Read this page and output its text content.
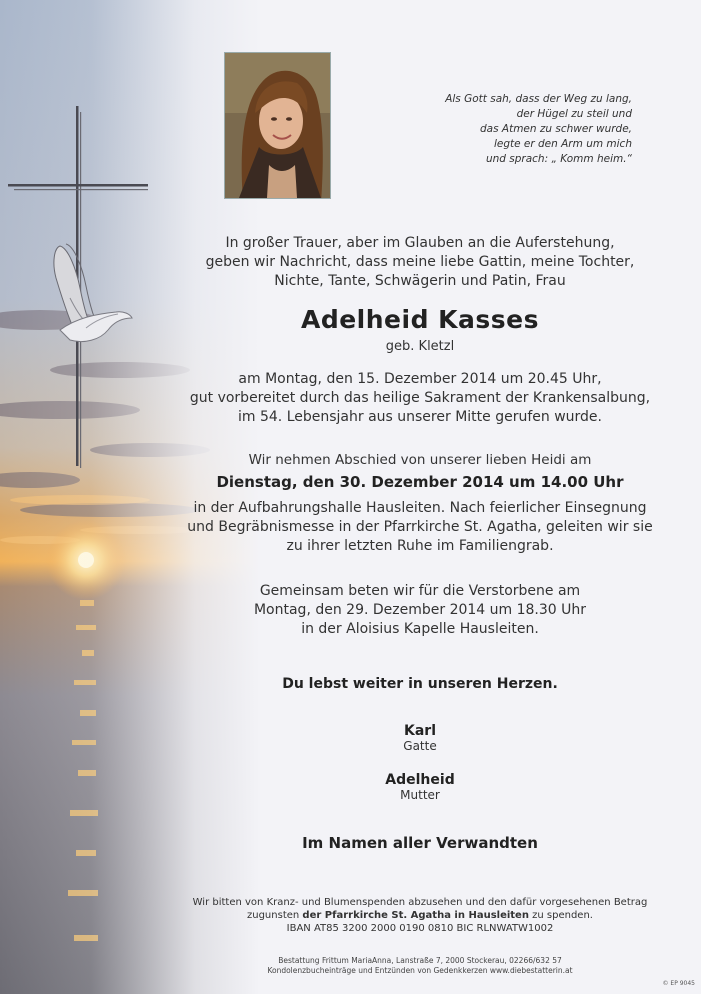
Als Gott sah, dass der Weg zu lang,
der Hügel zu steil und
das Atmen zu schwer wurde,
legte er den Arm um mich
und sprach: „ Komm heim.“
In großer Trauer, aber im Glauben an die Auferstehung,
geben wir Nachricht, dass meine liebe Gattin, meine Tochter,
Nichte, Tante, Schwägerin und Patin, Frau
Adelheid Kasses
geb. Kletzl
am Montag, den 15. Dezember 2014 um 20.45 Uhr,
gut vorbereitet durch das heilige Sakrament der Krankensalbung,
im 54. Lebensjahr aus unserer Mitte gerufen wurde.
Wir nehmen Abschied von unserer lieben Heidi am
Dienstag, den 30. Dezember 2014 um 14.00 Uhr
in der Aufbahrungshalle Hausleiten. Nach feierlicher Einsegnung
und Begräbnismesse in der Pfarrkirche St. Agatha, geleiten wir sie
zu ihrer letzten Ruhe im Familiengrab.
Gemeinsam beten wir für die Verstorbene am
Montag, den 29. Dezember 2014 um 18.30 Uhr
in der Aloisius Kapelle Hausleiten.
Du lebst weiter in unseren Herzen.
Karl
Gatte
Adelheid
Mutter
Im Namen aller Verwandten
Wir bitten von Kranz- und Blumenspenden abzusehen und den dafür vorgesehenen Betrag
zugunsten der Pfarrkirche St. Agatha in Hausleiten zu spenden.
IBAN AT85 3200 2000 0190 0810 BIC RLNWATW1002
Bestattung Frittum MariaAnna, Lanstraße 7, 2000 Stockerau, 02266/632 57
Kondolenzbucheinträge und Entzünden von Gedenkkerzen www.diebestatterin.at
© EP 9045
